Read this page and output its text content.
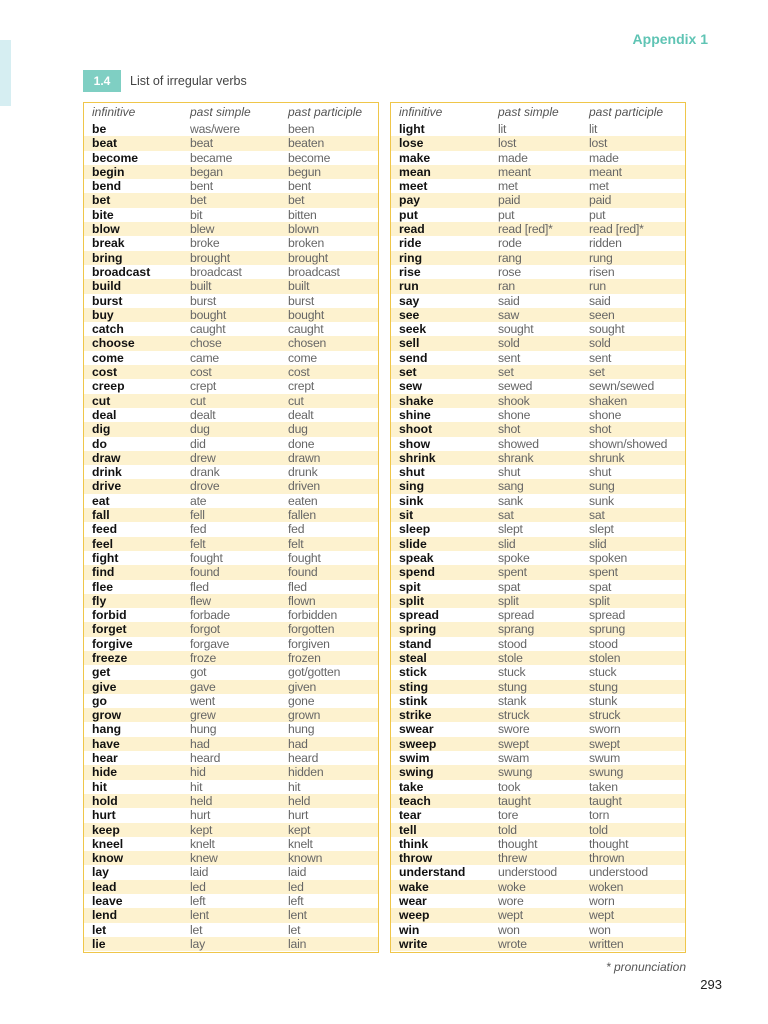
Appendix 1
1.4	List of irregular verbs
infinitive	past simple	past participle
be	was/were	been
beat	beat	beaten
become	became	become
begin	began	begun
bend	bent	bent
bet	bet	bet
bite	bit	bitten
blow	blew	blown
break	broke	broken
bring	brought	brought
broadcast	broadcast	broadcast
build	built	built
burst	burst	burst
buy	bought	bought
catch	caught	caught
choose	chose	chosen
come	came	come
cost	cost	cost
creep	crept	crept
cut	cut	cut
deal	dealt	dealt
dig	dug	dug
do	did	done
draw	drew	drawn
drink	drank	drunk
drive	drove	driven
eat	ate	eaten
fall	fell	fallen
feed	fed	fed
feel	felt	felt
fight	fought	fought
find	found	found
flee	fled	fled
fly	flew	flown
forbid	forbade	forbidden
forget	forgot	forgotten
forgive	forgave	forgiven
freeze	froze	frozen
get	got	got/gotten
give	gave	given
go	went	gone
grow	grew	grown
hang	hung	hung
have	had	had
hear	heard	heard
hide	hid	hidden
hit	hit	hit
hold	held	held
hurt	hurt	hurt
keep	kept	kept
kneel	knelt	knelt
know	knew	known
lay	laid	laid
lead	led	led
leave	left	left
lend	lent	lent
let	let	let
lie	lay	lain
infinitive	past simple	past participle
light	lit	lit
lose	lost	lost
make	made	made
mean	meant	meant
meet	met	met
pay	paid	paid
put	put	put
read	read [red]*	read [red]*
ride	rode	ridden
ring	rang	rung
rise	rose	risen
run	ran	run
say	said	said
see	saw	seen
seek	sought	sought
sell	sold	sold
send	sent	sent
set	set	set
sew	sewed	sewn/sewed
shake	shook	shaken
shine	shone	shone
shoot	shot	shot
show	showed	shown/showed
shrink	shrank	shrunk
shut	shut	shut
sing	sang	sung
sink	sank	sunk
sit	sat	sat
sleep	slept	slept
slide	slid	slid
speak	spoke	spoken
spend	spent	spent
spit	spat	spat
split	split	split
spread	spread	spread
spring	sprang	sprung
stand	stood	stood
steal	stole	stolen
stick	stuck	stuck
sting	stung	stung
stink	stank	stunk
strike	struck	struck
swear	swore	sworn
sweep	swept	swept
swim	swam	swum
swing	swung	swung
take	took	taken
teach	taught	taught
tear	tore	torn
tell	told	told
think	thought	thought
throw	threw	thrown
understand	understood	understood
wake	woke	woken
wear	wore	worn
weep	wept	wept
win	won	won
write	wrote	written
* pronunciation
293
